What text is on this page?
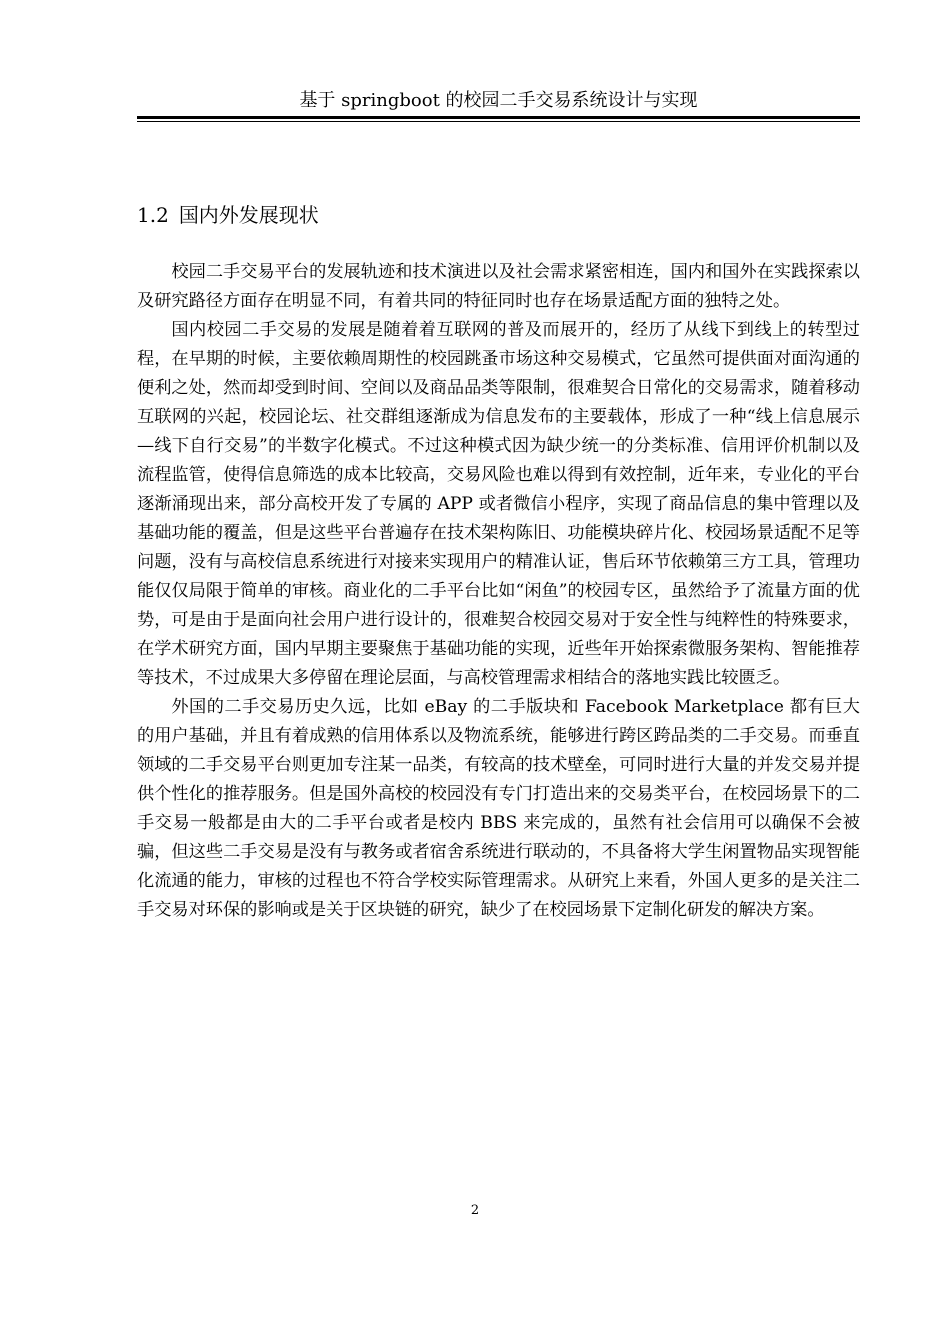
基于 springboot 的校园二手交易系统设计与实现
1.2 国内外发展现状

校园二手交易平台的发展轨迹和技术演进以及社会需求紧密相连，国内和国外在实践探索以及研究路径方面存在明显不同，有着共同的特征同时也存在场景适配方面的独特之处。

国内校园二手交易的发展是随着着互联网的普及而展开的，经历了从线下到线上的转型过程，在早期的时候，主要依赖周期性的校园跳蚤市场这种交易模式，它虽然可提供面对面沟通的便利之处，然而却受到时间、空间以及商品品类等限制，很难契合日常化的交易需求，随着移动互联网的兴起，校园论坛、社交群组逐渐成为信息发布的主要载体，形成了一种“线上信息展示—线下自行交易”的半数字化模式。不过这种模式因为缺少统一的分类标准、信用评价机制以及流程监管，使得信息筛选的成本比较高，交易风险也难以得到有效控制，近年来，专业化的平台逐渐涌现出来，部分高校开发了专属的 APP 或者微信小程序，实现了商品信息的集中管理以及基础功能的覆盖，但是这些平台普遍存在技术架构陈旧、功能模块碎片化、校园场景适配不足等问题，没有与高校信息系统进行对接来实现用户的精准认证，售后环节依赖第三方工具，管理功能仅仅局限于简单的审核。商业化的二手平台比如“闲鱼”的校园专区，虽然给予了流量方面的优势，可是由于是面向社会用户进行设计的，很难契合校园交易对于安全性与纯粹性的特殊要求，在学术研究方面，国内早期主要聚焦于基础功能的实现，近些年开始探索微服务架构、智能推荐等技术，不过成果大多停留在理论层面，与高校管理需求相结合的落地实践比较匮乏。

外国的二手交易历史久远，比如 eBay 的二手版块和 Facebook Marketplace 都有巨大的用户基础，并且有着成熟的信用体系以及物流系统，能够进行跨区跨品类的二手交易。而垂直领域的二手交易平台则更加专注某一品类，有较高的技术壁垒，可同时进行大量的并发交易并提供个性化的推荐服务。但是国外高校的校园没有专门打造出来的交易类平台，在校园场景下的二手交易一般都是由大的二手平台或者是校内 BBS 来完成的，虽然有社会信用可以确保不会被骗，但这些二手交易是没有与教务或者宿舍系统进行联动的，不具备将大学生闲置物品实现智能化流通的能力，审核的过程也不符合学校实际管理需求。从研究上来看，外国人更多的是关注二手交易对环保的影响或是关于区块链的研究，缺少了在校园场景下定制化研发的解决方案。

2
